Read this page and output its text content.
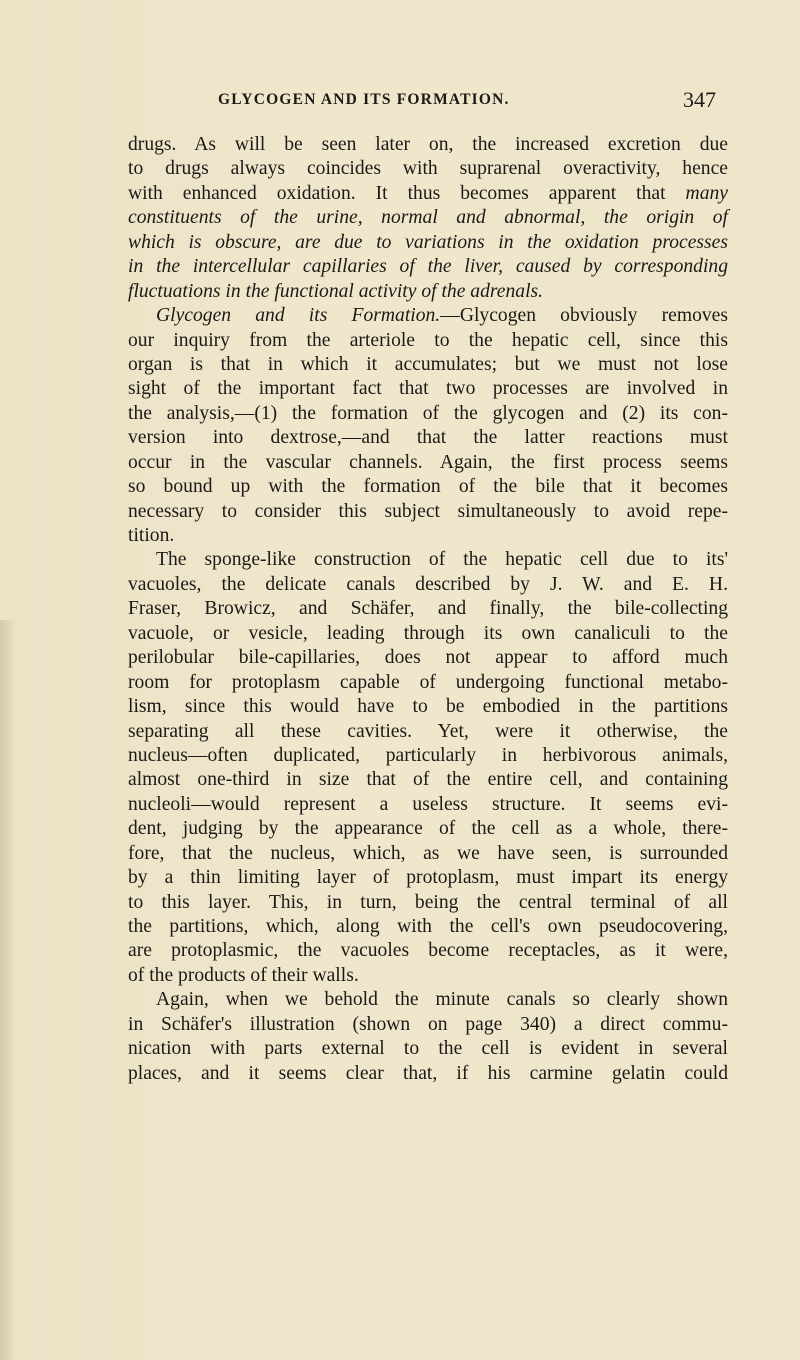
GLYCOGEN AND ITS FORMATION.	347
drugs. As will be seen later on, the increased excretion due
to drugs always coincides with suprarenal overactivity, hence
with enhanced oxidation. It thus becomes apparent that many
constituents of the urine, normal and abnormal, the origin of
which is obscure, are due to variations in the oxidation processes
in the intercellular capillaries of the liver, caused by corresponding
fluctuations in the functional activity of the adrenals.
Glycogen and its Formation.—Glycogen obviously removes
our inquiry from the arteriole to the hepatic cell, since this
organ is that in which it accumulates; but we must not lose
sight of the important fact that two processes are involved in
the analysis,—(1) the formation of the glycogen and (2) its con-
version into dextrose,—and that the latter reactions must
occur in the vascular channels. Again, the first process seems
so bound up with the formation of the bile that it becomes
necessary to consider this subject simultaneously to avoid repe-
tition.
The sponge-like construction of the hepatic cell due to its'
vacuoles, the delicate canals described by J. W. and E. H.
Fraser, Browicz, and Schäfer, and finally, the bile-collecting
vacuole, or vesicle, leading through its own canaliculi to the
perilobular bile-capillaries, does not appear to afford much
room for protoplasm capable of undergoing functional metabo-
lism, since this would have to be embodied in the partitions
separating all these cavities. Yet, were it otherwise, the
nucleus—often duplicated, particularly in herbivorous animals,
almost one-third in size that of the entire cell, and containing
nucleoli—would represent a useless structure. It seems evi-
dent, judging by the appearance of the cell as a whole, there-
fore, that the nucleus, which, as we have seen, is surrounded
by a thin limiting layer of protoplasm, must impart its energy
to this layer. This, in turn, being the central terminal of all
the partitions, which, along with the cell's own pseudocovering,
are protoplasmic, the vacuoles become receptacles, as it were,
of the products of their walls.
Again, when we behold the minute canals so clearly shown
in Schäfer's illustration (shown on page 340) a direct commu-
nication with parts external to the cell is evident in several
places, and it seems clear that, if his carmine gelatin could
